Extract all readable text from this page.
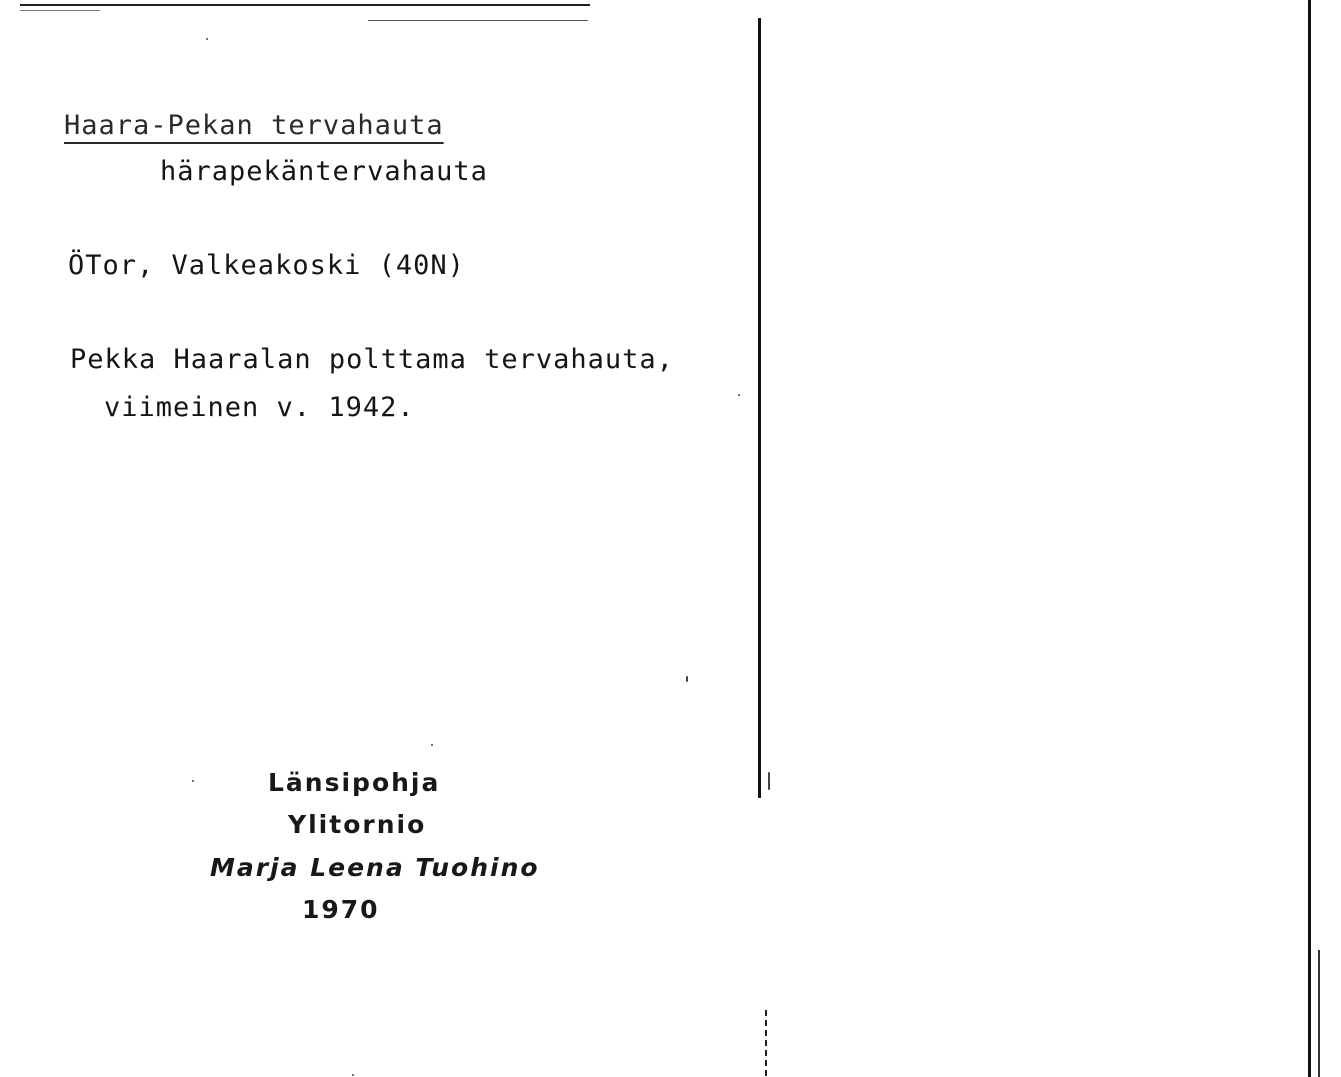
Haara-Pekan tervahauta
härapekäntervahauta
ÖTor, Valkeakoski (40N)
Pekka Haaralan polttama tervahauta,
viimeinen v. 1942.
Länsipohja
Ylitornio
Marja Leena Tuohino
1970
